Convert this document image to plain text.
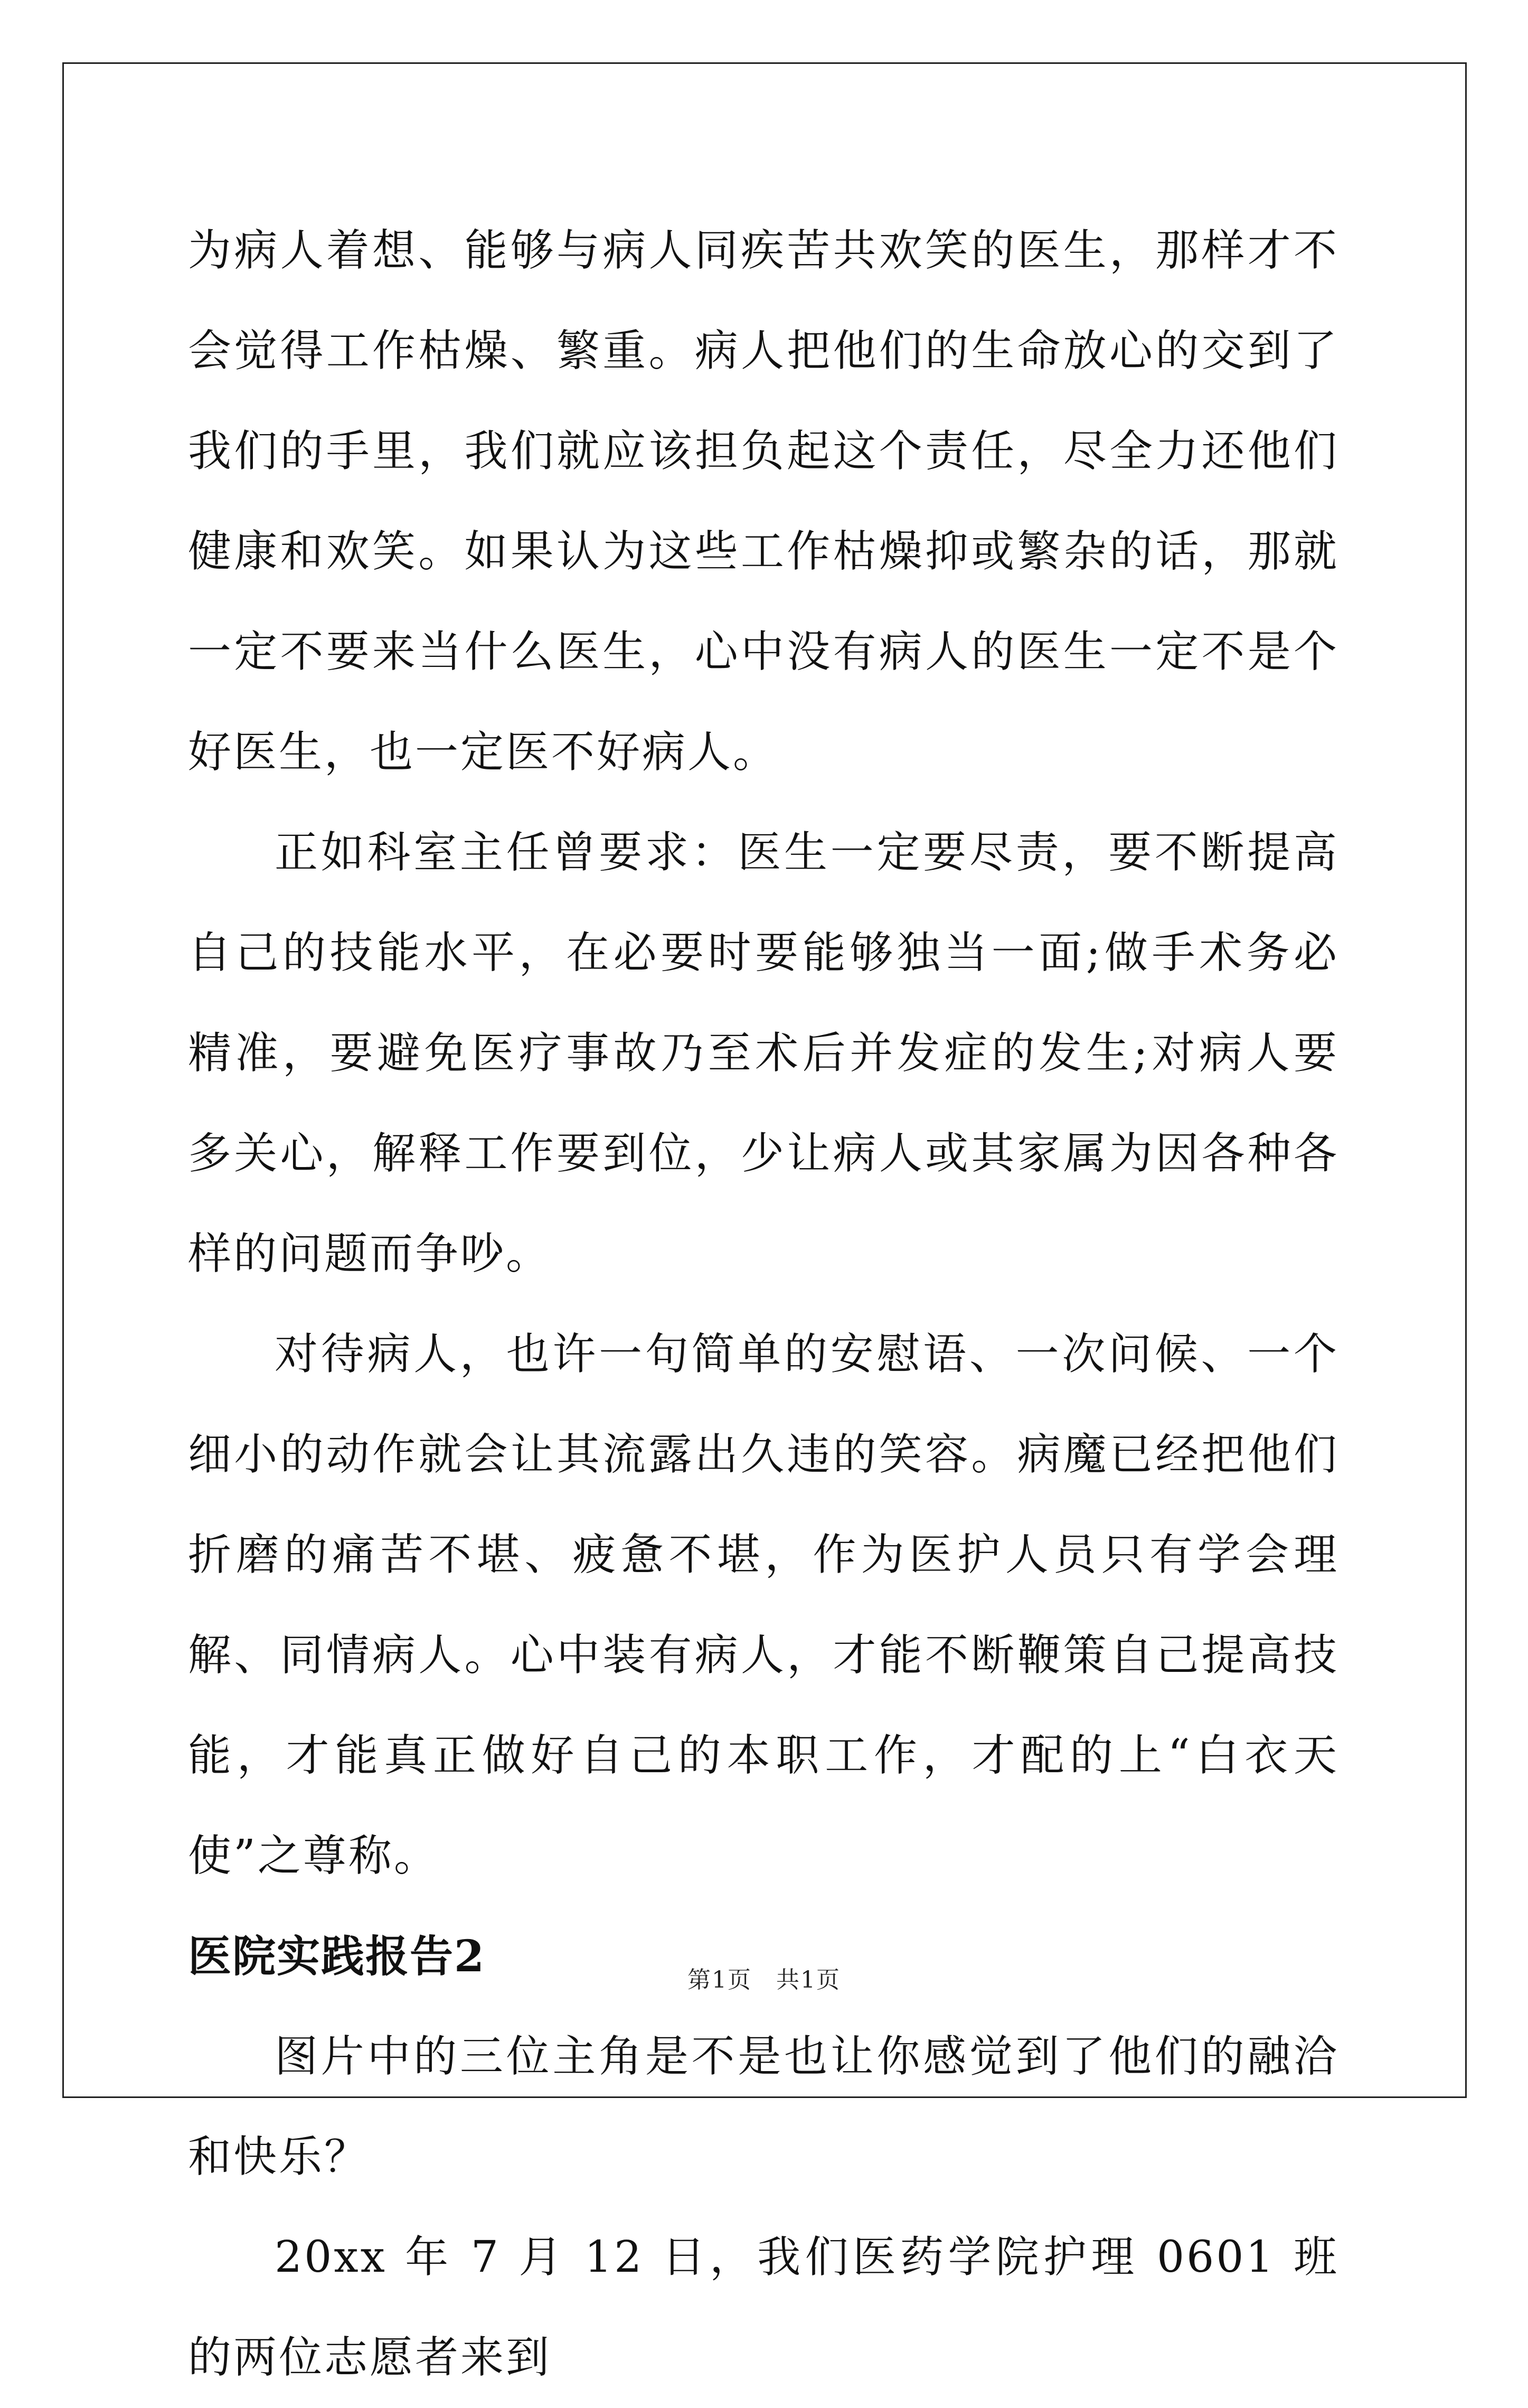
为病人着想、能够与病人同疾苦共欢笑的医生，那样才不会觉得工作枯燥、繁重。病人把他们的生命放心的交到了我们的手里，我们就应该担负起这个责任，尽全力还他们健康和欢笑。如果认为这些工作枯燥抑或繁杂的话，那就一定不要来当什么医生，心中没有病人的医生一定不是个好医生，也一定医不好病人。

正如科室主任曾要求：医生一定要尽责，要不断提高自己的技能水平，在必要时要能够独当一面;做手术务必精准，要避免医疗事故乃至术后并发症的发生;对病人要多关心，解释工作要到位，少让病人或其家属为因各种各样的问题而争吵。

对待病人，也许一句简单的安慰语、一次问候、一个细小的动作就会让其流露出久违的笑容。病魔已经把他们折磨的痛苦不堪、疲惫不堪，作为医护人员只有学会理解、同情病人。心中装有病人，才能不断鞭策自己提高技能，才能真正做好自己的本职工作，才配的上“白衣天使”之尊称。

医院实践报告2

图片中的三位主角是不是也让你感觉到了他们的融洽和快乐？

20xx 年 7 月 12 日，我们医药学院护理 0601 班的两位志愿者来到

第1页　共1页
